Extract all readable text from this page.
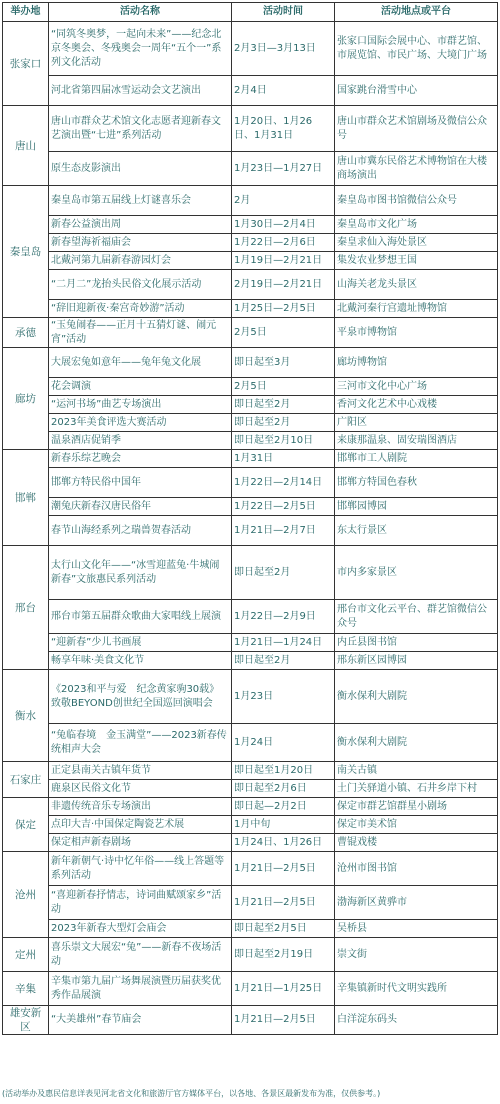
举办地	活动名称	活动时间	活动地点或平台
张家口	“同筑冬奥梦，一起向未来”——纪念北京冬奥会、冬残奥会一周年“五个一”系列文化活动	2月3日—3月13日	张家口国际会展中心、市群艺馆、市展览馆、市民广场、大境门广场
	河北省第四届冰雪运动会文艺演出	2月4日	国家跳台滑雪中心
唐山	唐山市群众艺术馆文化志愿者迎新春文艺演出暨“七进”系列活动	1月20日、1月26日、1月31日	唐山市群众艺术馆剧场及微信公众号
	原生态皮影演出	1月23日—1月27日	唐山市冀东民俗艺术博物馆在大楼商场演出
秦皇岛	秦皇岛市第五届线上灯谜喜乐会	2月	秦皇岛市图书馆微信公众号
	新春公益演出周	1月30日—2月4日	秦皇岛市文化广场
	新春望海祈福庙会	1月22日—2月6日	秦皇求仙入海处景区
	北戴河第九届新春游园灯会	1月19日—2月21日	集发农业梦想王国
	“二月二”龙抬头民俗文化展示活动	2月19日—2月21日	山海关老龙头景区
	“辞旧迎新夜·秦宫奇妙游”活动	1月25日—2月5日	北戴河秦行宫遗址博物馆
承德	“玉兔闹春——正月十五猜灯谜、闹元宵”活动	2月5日	平泉市博物馆
廊坊	大展宏兔如意年——兔年兔文化展	即日起至3月	廊坊博物馆
	花会调演	2月5日	三河市文化中心广场
	“运河书场”曲艺专场演出	即日起至2月	香河文化艺术中心戏楼
	2023年美食评选大赛活动	即日起至2月	广阳区
	温泉酒店促销季	即日起至2月10日	来康那温泉、固安瑞图酒店
邯郸	新春乐综艺晚会	1月31日	邯郸市工人剧院
	邯郸方特民俗中国年	1月22日—2月14日	邯郸方特国色春秋
	潮兔庆新春汉唐民俗年	1月22日—2月5日	邯郸园博园
	春节山海经系列之瑞兽贺春活动	1月21日—2月7日	东太行景区
邢台	太行山文化年——“冰雪迎蓝兔·牛城闹新春”文旅惠民系列活动	即日起至2月	市内多家景区
	邢台市第五届群众歌曲大家唱线上展演	1月22日—2月9日	邢台市文化云平台、群艺馆微信公众号
	“迎新春”少儿书画展	1月21日—1月24日	内丘县图书馆
	畅享年味·美食文化节	即日起至2月	邢东新区园博园
衡水	《2023和平与爱　纪念黄家驹30载》致敬BEYOND创世纪全国巡回演唱会	1月23日	衡水保利大剧院
	“兔临春境　金玉满堂”——2023新春传统相声大会	1月24日	衡水保利大剧院
石家庄	正定县南关古镇年货节	即日起至1月20日	南关古镇
	鹿泉区民俗文化节	即日起至2月6日	土门关驿道小镇、石井乡岸下村
保定	非遗传统音乐专场演出	即日起—2月2日	保定市群艺馆群星小剧场
	点印大吉·中国保定陶瓷艺术展	1月中旬	保定市美术馆
	保定相声新春剧场	1月24日、1月26日	曹锟戏楼
沧州	新年新朝气·诗中忆年俗——线上答题等系列活动	1月21日—2月5日	沧州市图书馆
	“喜迎新春抒情志，诗词曲赋颂家乡”活动	1月21日—2月5日	渤海新区黄骅市
	2023年新春大型灯会庙会	即日起至2月5日	吴桥县
定州	喜乐崇文大展宏“兔”——新春不夜场活动	即日起至2月19日	崇文街
辛集	辛集市第九届广场舞展演暨历届获奖优秀作品展演	1月21日—1月25日	辛集镇新时代文明实践所
雄安新区	“大美雄州”春节庙会	1月21日—2月5日	白洋淀东码头
(活动举办及惠民信息详表见河北省文化和旅游厅官方媒体平台，以各地、各景区最新发布为准，仅供参考。)
